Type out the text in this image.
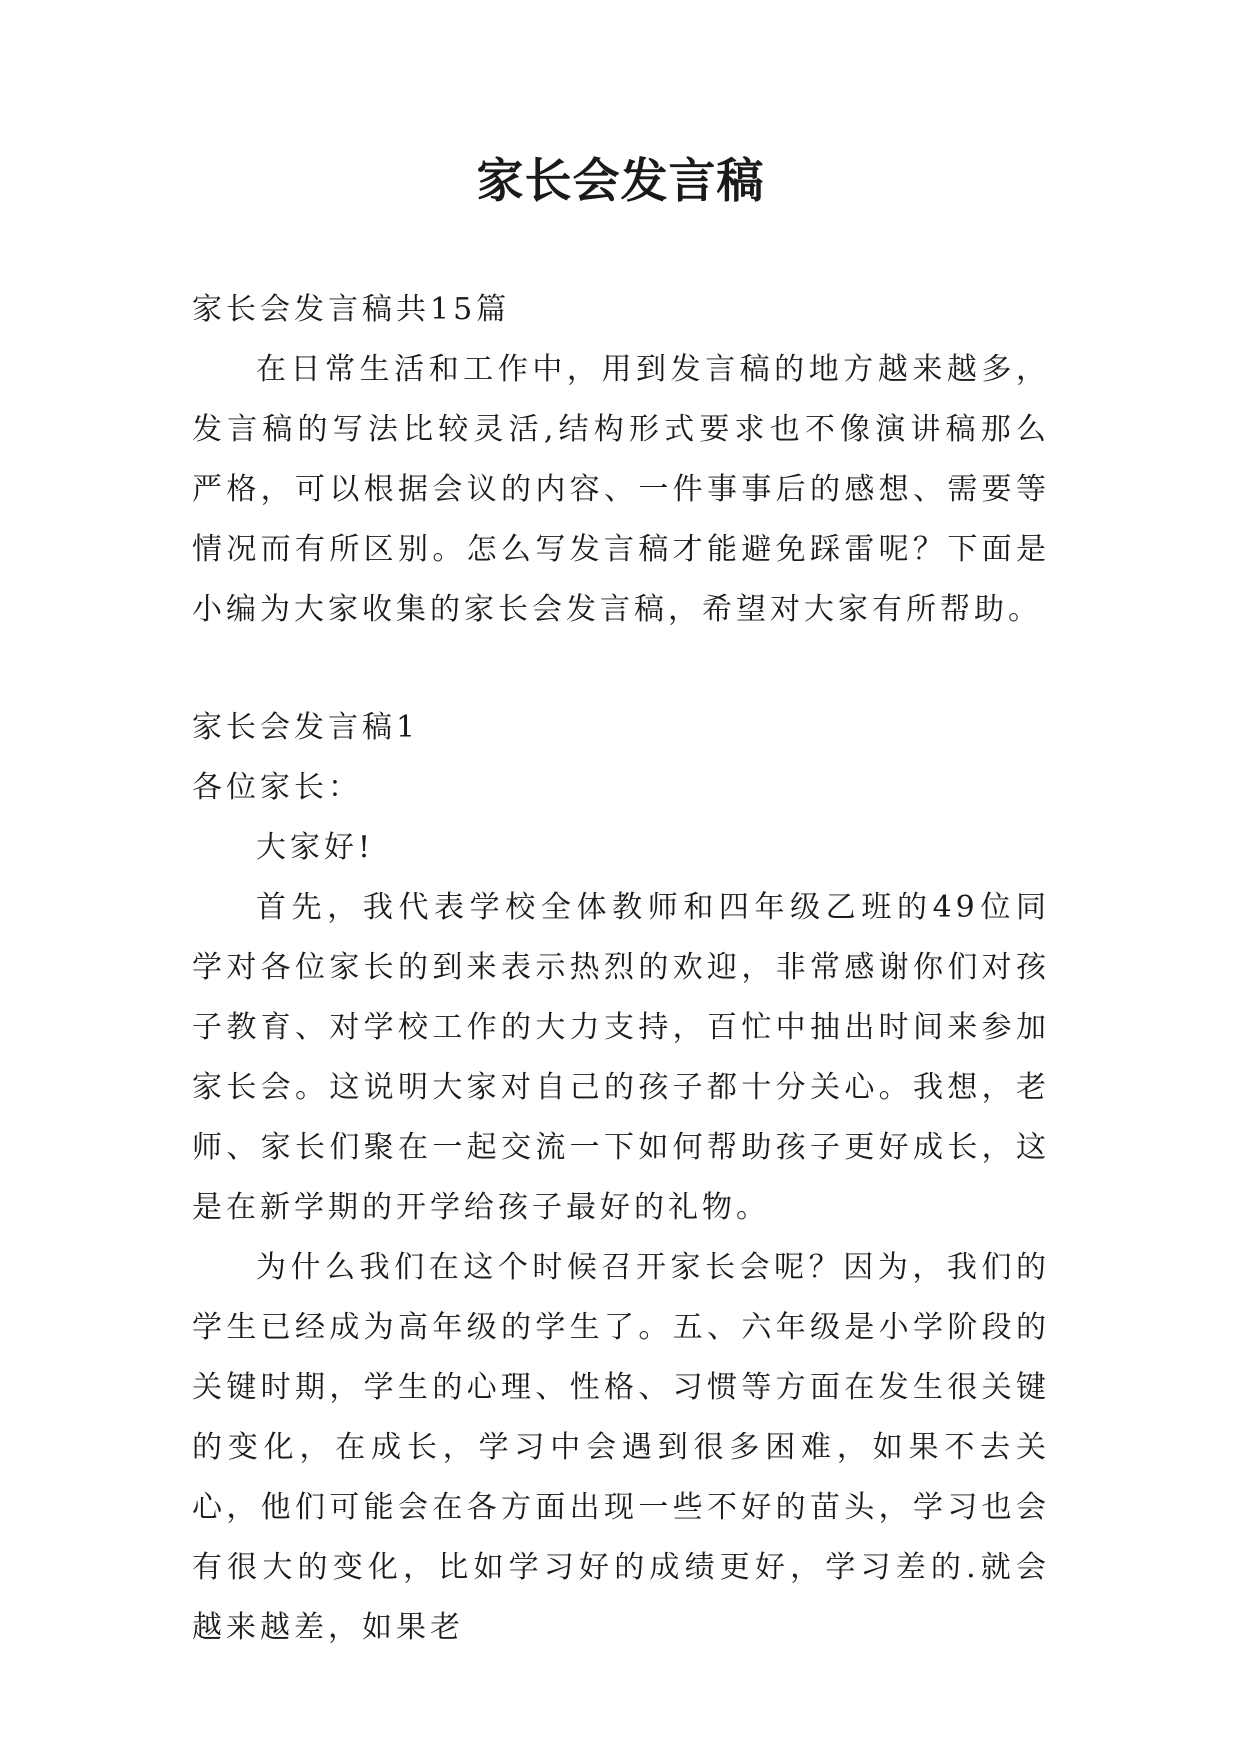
家长会发言稿

家长会发言稿共15篇

在日常生活和工作中，用到发言稿的地方越来越多，发言稿的写法比较灵活,结构形式要求也不像演讲稿那么严格，可以根据会议的内容、一件事事后的感想、需要等情况而有所区别。怎么写发言稿才能避免踩雷呢？下面是小编为大家收集的家长会发言稿，希望对大家有所帮助。

家长会发言稿1

各位家长：

大家好!

首先，我代表学校全体教师和四年级乙班的49位同学对各位家长的到来表示热烈的欢迎，非常感谢你们对孩子教育、对学校工作的大力支持，百忙中抽出时间来参加家长会。这说明大家对自己的孩子都十分关心。我想，老师、家长们聚在一起交流一下如何帮助孩子更好成长，这是在新学期的开学给孩子最好的礼物。

为什么我们在这个时候召开家长会呢？因为，我们的学生已经成为高年级的学生了。五、六年级是小学阶段的关键时期，学生的心理、性格、习惯等方面在发生很关键的变化，在成长，学习中会遇到很多困难，如果不去关心，他们可能会在各方面出现一些不好的苗头，学习也会有很大的变化，比如学习好的成绩更好，学习差的.就会越来越差，如果老
